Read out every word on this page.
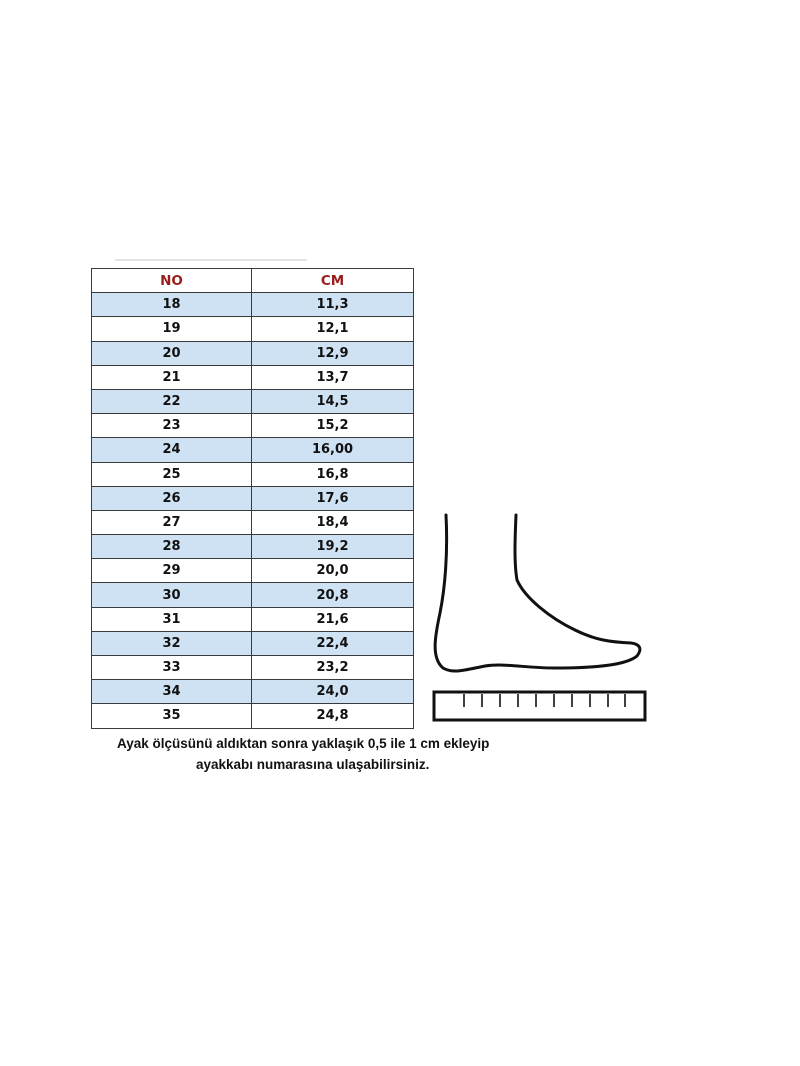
NO	CM
18	11,3
19	12,1
20	12,9
21	13,7
22	14,5
23	15,2
24	16,00
25	16,8
26	17,6
27	18,4
28	19,2
29	20,0
30	20,8
31	21,6
32	22,4
33	23,2
34	24,0
35	24,8
Ayak ölçüsünü aldıktan sonra yaklaşık 0,5 ile 1 cm ekleyip
ayakkabı numarasına ulaşabilirsiniz.
